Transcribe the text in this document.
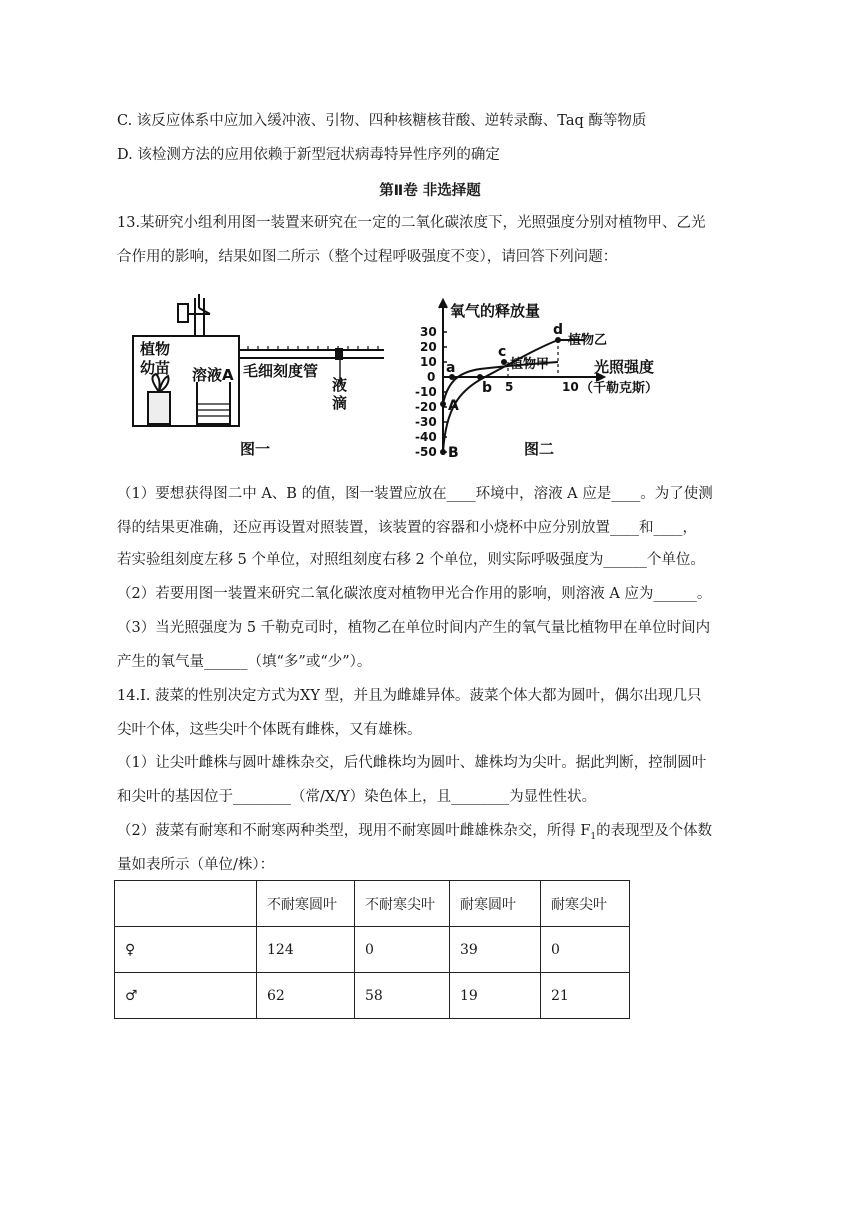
C. 该反应体系中应加入缓冲液、引物、四种核糖核苷酸、逆转录酶、Taq 酶等物质
D. 该检测方法的应用依赖于新型冠状病毒特异性序列的确定
第Ⅱ卷 非选择题
13.某研究小组利用图一装置来研究在一定的二氧化碳浓度下，光照强度分别对植物甲、乙光
合作用的影响，结果如图二所示（整个过程呼吸强度不变），请回答下列问题：
植物
幼苗 溶液A 毛细刻度管
液
滴
图一
氧气的释放量
30
20
10
0
-10
-20
-30
-40
-50
5	10
光照强度
（千勒克斯）
a
b
c
d
A
B
植物甲
植物乙
图二
（1）要想获得图二中 A、B 的值，图一装置应放在____环境中，溶液 A 应是____。为了使测
得的结果更准确，还应再设置对照装置，该装置的容器和小烧杯中应分别放置____和____，
若实验组刻度左移 5 个单位，对照组刻度右移 2 个单位，则实际呼吸强度为______个单位。
（2）若要用图一装置来研究二氧化碳浓度对植物甲光合作用的影响，则溶液 A 应为______。
（3）当光照强度为 5 千勒克司时，植物乙在单位时间内产生的氧气量比植物甲在单位时间内
产生的氧气量______（填“多”或“少”）。
14.Ⅰ. 菠菜的性别决定方式为XY 型，并且为雌雄异体。菠菜个体大都为圆叶，偶尔出现几只
尖叶个体，这些尖叶个体既有雌株，又有雄株。
（1）让尖叶雌株与圆叶雄株杂交，后代雌株均为圆叶、雄株均为尖叶。据此判断，控制圆叶
和尖叶的基因位于________（常/X/Y）染色体上，且________为显性性状。
（2）菠菜有耐寒和不耐寒两种类型，现用不耐寒圆叶雌雄株杂交，所得 $F_1$的表现型及个体数
量如表所示（单位/株）：
	不耐寒圆叶	不耐寒尖叶	耐寒圆叶	耐寒尖叶
♀	124	0	39	0
♂	62	58	19	21
